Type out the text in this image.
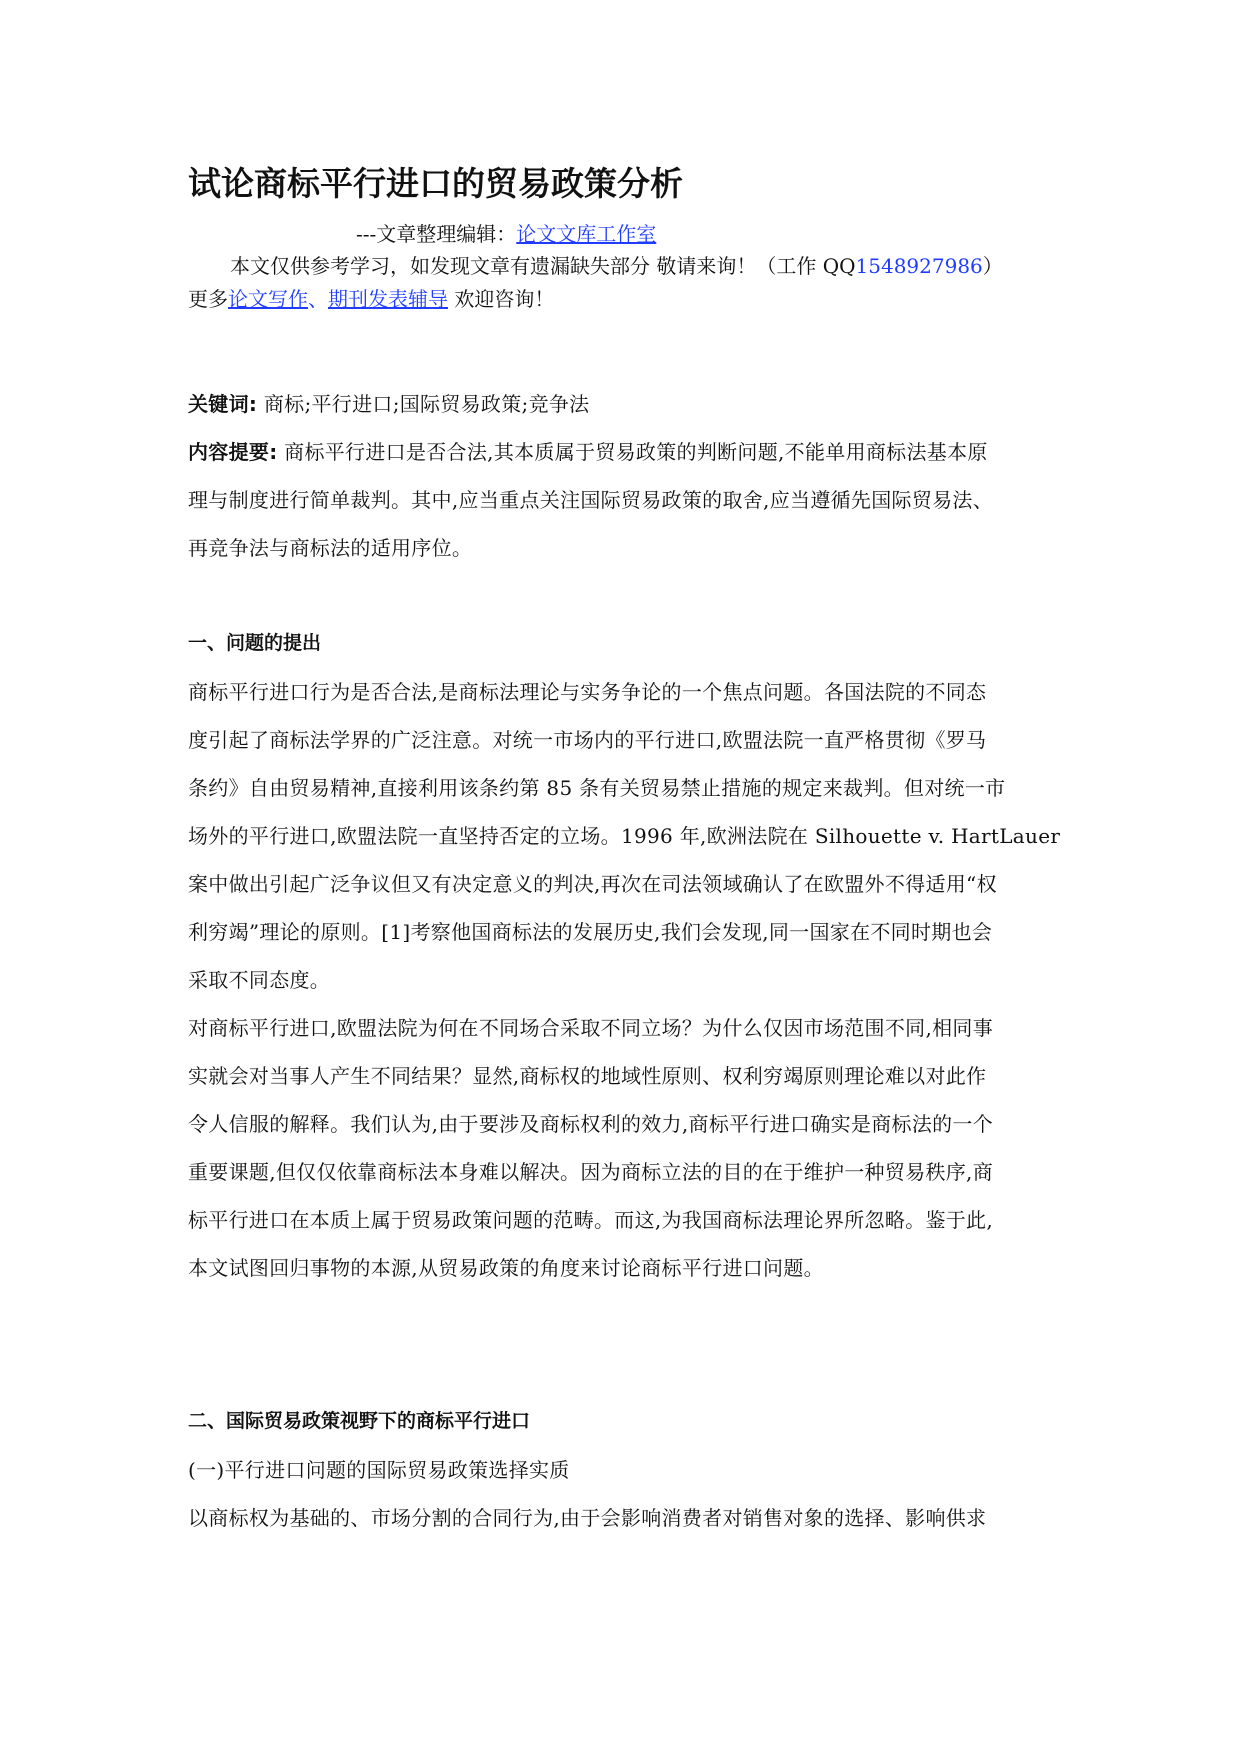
试论商标平行进口的贸易政策分析
---文章整理编辑：论文文库工作室
本文仅供参考学习，如发现文章有遗漏缺失部分 敬请来询！（工作 QQ1548927986）
更多论文写作、期刊发表辅导 欢迎咨询！
关键词: 商标;平行进口;国际贸易政策;竞争法
内容提要: 商标平行进口是否合法,其本质属于贸易政策的判断问题,不能单用商标法基本原
理与制度进行简单裁判。其中,应当重点关注国际贸易政策的取舍,应当遵循先国际贸易法、
再竞争法与商标法的适用序位。
一、问题的提出
商标平行进口行为是否合法,是商标法理论与实务争论的一个焦点问题。各国法院的不同态
度引起了商标法学界的广泛注意。对统一市场内的平行进口,欧盟法院一直严格贯彻《罗马
条约》自由贸易精神,直接利用该条约第 85 条有关贸易禁止措施的规定来裁判。但对统一市
场外的平行进口,欧盟法院一直坚持否定的立场。1996 年,欧洲法院在 Silhouette v. HartLauer
案中做出引起广泛争议但又有决定意义的判决,再次在司法领域确认了在欧盟外不得适用“权
利穷竭”理论的原则。[1]考察他国商标法的发展历史,我们会发现,同一国家在不同时期也会
采取不同态度。
对商标平行进口,欧盟法院为何在不同场合采取不同立场？为什么仅因市场范围不同,相同事
实就会对当事人产生不同结果？显然,商标权的地域性原则、权利穷竭原则理论难以对此作
令人信服的解释。我们认为,由于要涉及商标权利的效力,商标平行进口确实是商标法的一个
重要课题,但仅仅依靠商标法本身难以解决。因为商标立法的目的在于维护一种贸易秩序,商
标平行进口在本质上属于贸易政策问题的范畴。而这,为我国商标法理论界所忽略。鉴于此,
本文试图回归事物的本源,从贸易政策的角度来讨论商标平行进口问题。
二、国际贸易政策视野下的商标平行进口
(一)平行进口问题的国际贸易政策选择实质
以商标权为基础的、市场分割的合同行为,由于会影响消费者对销售对象的选择、影响供求
